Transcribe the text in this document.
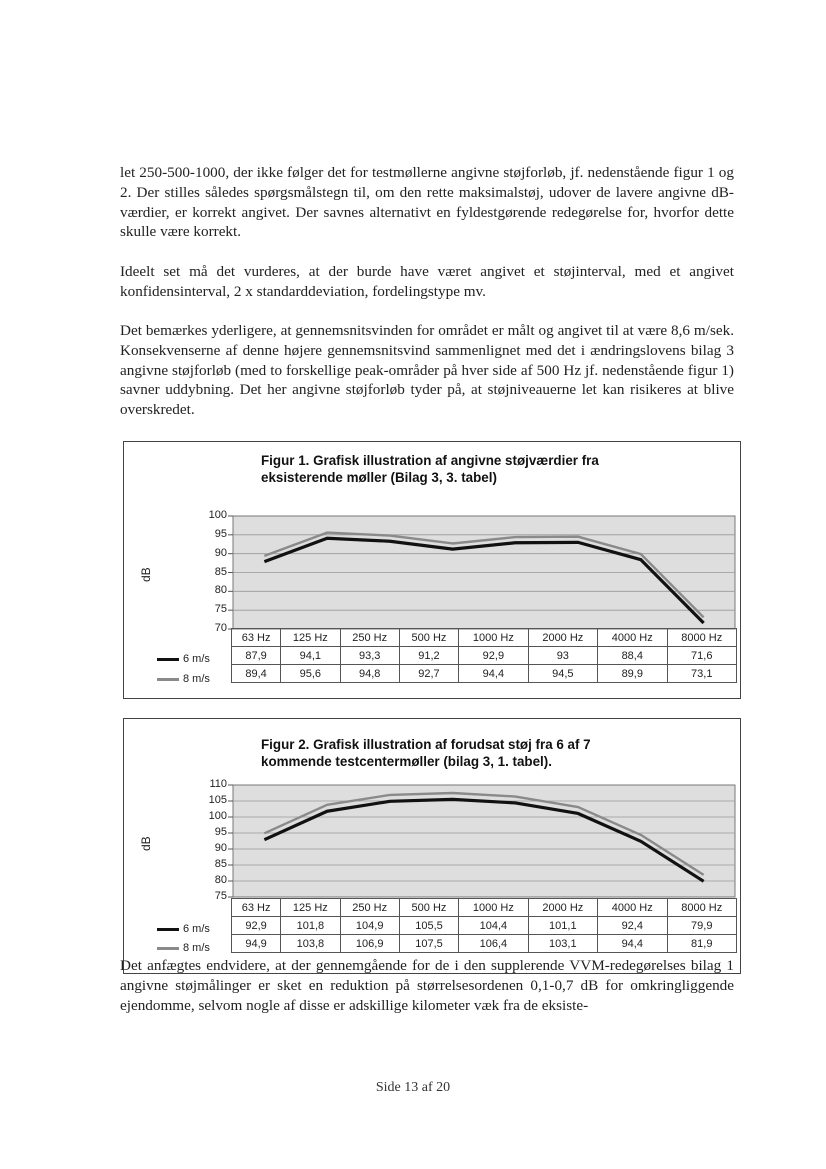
let 250-500-1000, der ikke følger det for testmøllerne angivne støjforløb, jf. nedenstående figur 1 og 2. Der stilles således spørgsmålstegn til, om den rette maksimalstøj, udover de lavere angivne dB-værdier, er korrekt angivet. Der savnes alternativt en fyldestgørende redegørelse for, hvorfor dette skulle være korrekt.

Ideelt set må det vurderes, at der burde have været angivet et støjinterval, med et angivet konfidensinterval, 2 x standarddeviation, fordelingstype mv.

Det bemærkes yderligere, at gennemsnitsvinden for området er målt og angivet til at være 8,6 m/sek. Konsekvenserne af denne højere gennemsnitsvind sammenlignet med det i ændringslovens bilag 3 angivne støjforløb (med to forskellige peak-områder på hver side af 500 Hz jf. nedenstående figur 1) savner uddybning. Det her angivne støjforløb tyder på, at støjniveauerne let kan risikeres at blive overskredet.

Figur 1. Grafisk illustration af angivne støjværdier fra eksisterende møller (Bilag 3, 3. tabel)

dB
100
95
90
85
80
75
70
6 m/s
8 m/s
63 Hz	125 Hz	250 Hz	500 Hz	1000 Hz	2000 Hz	4000 Hz	8000 Hz
87,9	94,1	93,3	91,2	92,9	93	88,4	71,6
89,4	95,6	94,8	92,7	94,4	94,5	89,9	73,1

Figur 2. Grafisk illustration af forudsat støj fra 6 af 7 kommende testcentermøller (bilag 3, 1. tabel).

dB
110
105
100
95
90
85
80
75
6 m/s
8 m/s
63 Hz	125 Hz	250 Hz	500 Hz	1000 Hz	2000 Hz	4000 Hz	8000 Hz
92,9	101,8	104,9	105,5	104,4	101,1	92,4	79,9
94,9	103,8	106,9	107,5	106,4	103,1	94,4	81,9

Det anfægtes endvidere, at der gennemgående for de i den supplerende VVM-redegørelses bilag 1 angivne støjmålinger er sket en reduktion på størrelsesordenen 0,1-0,7 dB for omkringliggende ejendomme, selvom nogle af disse er adskillige kilometer væk fra de eksiste-

Side 13 af 20
